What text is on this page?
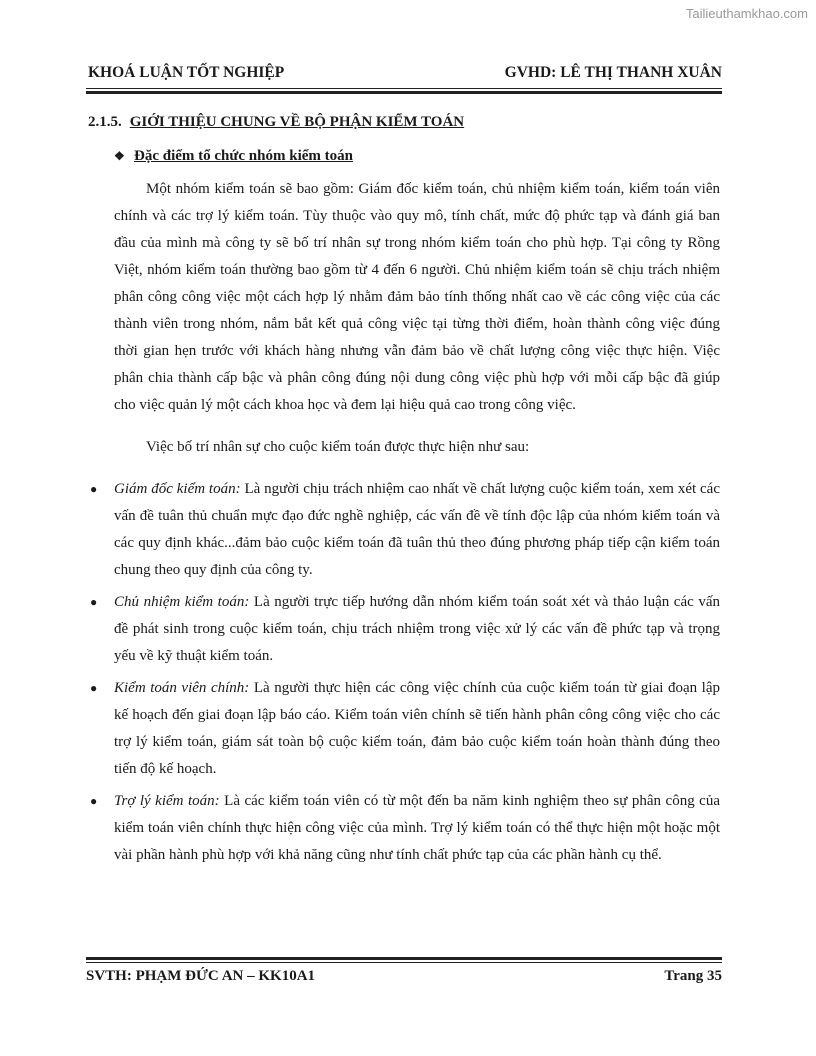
Tailieuthamkhao.com
KHOÁ LUẬN TỐT NGHIỆP	GVHD: LÊ THỊ THANH XUÂN
2.1.5. GIỚI THIỆU CHUNG VỀ BỘ PHẬN KIỂM TOÁN
❖ Đặc điểm tổ chức nhóm kiểm toán

Một nhóm kiểm toán sẽ bao gồm: Giám đốc kiểm toán, chủ nhiệm kiểm toán, kiểm toán viên chính và các trợ lý kiểm toán. Tùy thuộc vào quy mô, tính chất, mức độ phức tạp và đánh giá ban đầu của mình mà công ty sẽ bố trí nhân sự trong nhóm kiểm toán cho phù hợp. Tại công ty Rồng Việt, nhóm kiểm toán thường bao gồm từ 4 đến 6 người. Chủ nhiệm kiểm toán sẽ chịu trách nhiệm phân công công việc một cách hợp lý nhằm đảm bảo tính thống nhất cao về các công việc của các thành viên trong nhóm, nắm bắt kết quả công việc tại từng thời điểm, hoàn thành công việc đúng thời gian hẹn trước với khách hàng nhưng vẫn đảm bảo về chất lượng công việc thực hiện. Việc phân chia thành cấp bậc và phân công đúng nội dung công việc phù hợp với mỗi cấp bậc đã giúp cho việc quản lý một cách khoa học và đem lại hiệu quả cao trong công việc.

Việc bố trí nhân sự cho cuộc kiểm toán được thực hiện như sau:

● Giám đốc kiểm toán: Là người chịu trách nhiệm cao nhất về chất lượng cuộc kiểm toán, xem xét các vấn đề tuân thủ chuẩn mực đạo đức nghề nghiệp, các vấn đề về tính độc lập của nhóm kiểm toán và các quy định khác...đảm bảo cuộc kiểm toán đã tuân thủ theo đúng phương pháp tiếp cận kiểm toán chung theo quy định của công ty.
● Chủ nhiệm kiểm toán: Là người trực tiếp hướng dẫn nhóm kiểm toán soát xét và thảo luận các vấn đề phát sinh trong cuộc kiểm toán, chịu trách nhiệm trong việc xử lý các vấn đề phức tạp và trọng yếu về kỹ thuật kiểm toán.
● Kiểm toán viên chính: Là người thực hiện các công việc chính của cuộc kiểm toán từ giai đoạn lập kế hoạch đến giai đoạn lập báo cáo. Kiểm toán viên chính sẽ tiến hành phân công công việc cho các trợ lý kiểm toán, giám sát toàn bộ cuộc kiểm toán, đảm bảo cuộc kiểm toán hoàn thành đúng theo tiến độ kế hoạch.
● Trợ lý kiểm toán: Là các kiểm toán viên có từ một đến ba năm kinh nghiệm theo sự phân công của kiểm toán viên chính thực hiện công việc của mình. Trợ lý kiểm toán có thể thực hiện một hoặc một vài phần hành phù hợp với khả năng cũng như tính chất phức tạp của các phần hành cụ thể.
SVTH: PHẠM ĐỨC AN – KK10A1	Trang 35
